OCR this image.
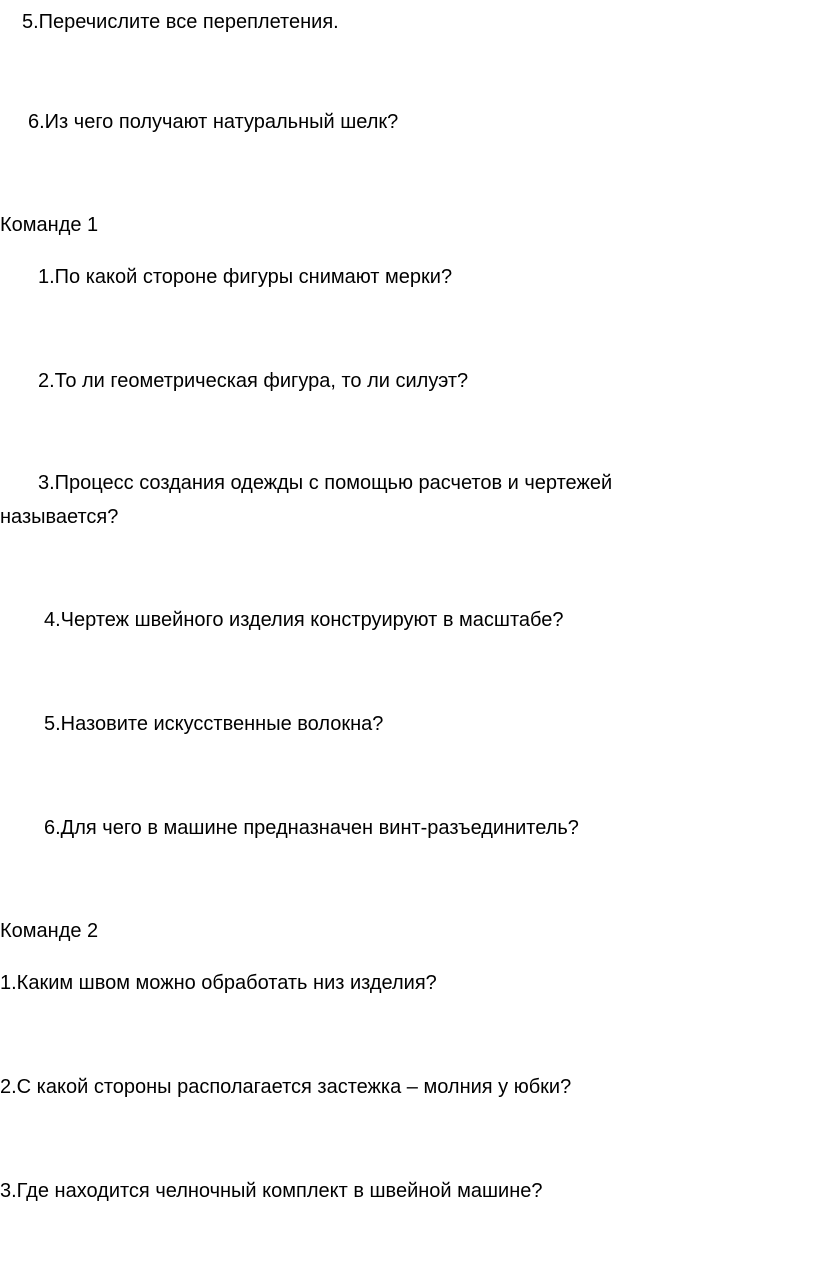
5.Перечислите все переплетения.

6.Из чего получают натуральный шелк?

Команде 1

1.По какой стороне фигуры снимают мерки?

2.То ли геометрическая фигура, то ли силуэт?

3.Процесс создания одежды с помощью расчетов и чертежей

называется?

4.Чертеж швейного изделия конструируют в масштабе?

5.Назовите искусственные волокна?

6.Для чего в машине предназначен винт-разъединитель?

Команде 2

1.Каким швом можно обработать низ изделия?

2.С какой стороны располагается застежка – молния у юбки?

3.Где находится челночный комплект в швейной машине?
